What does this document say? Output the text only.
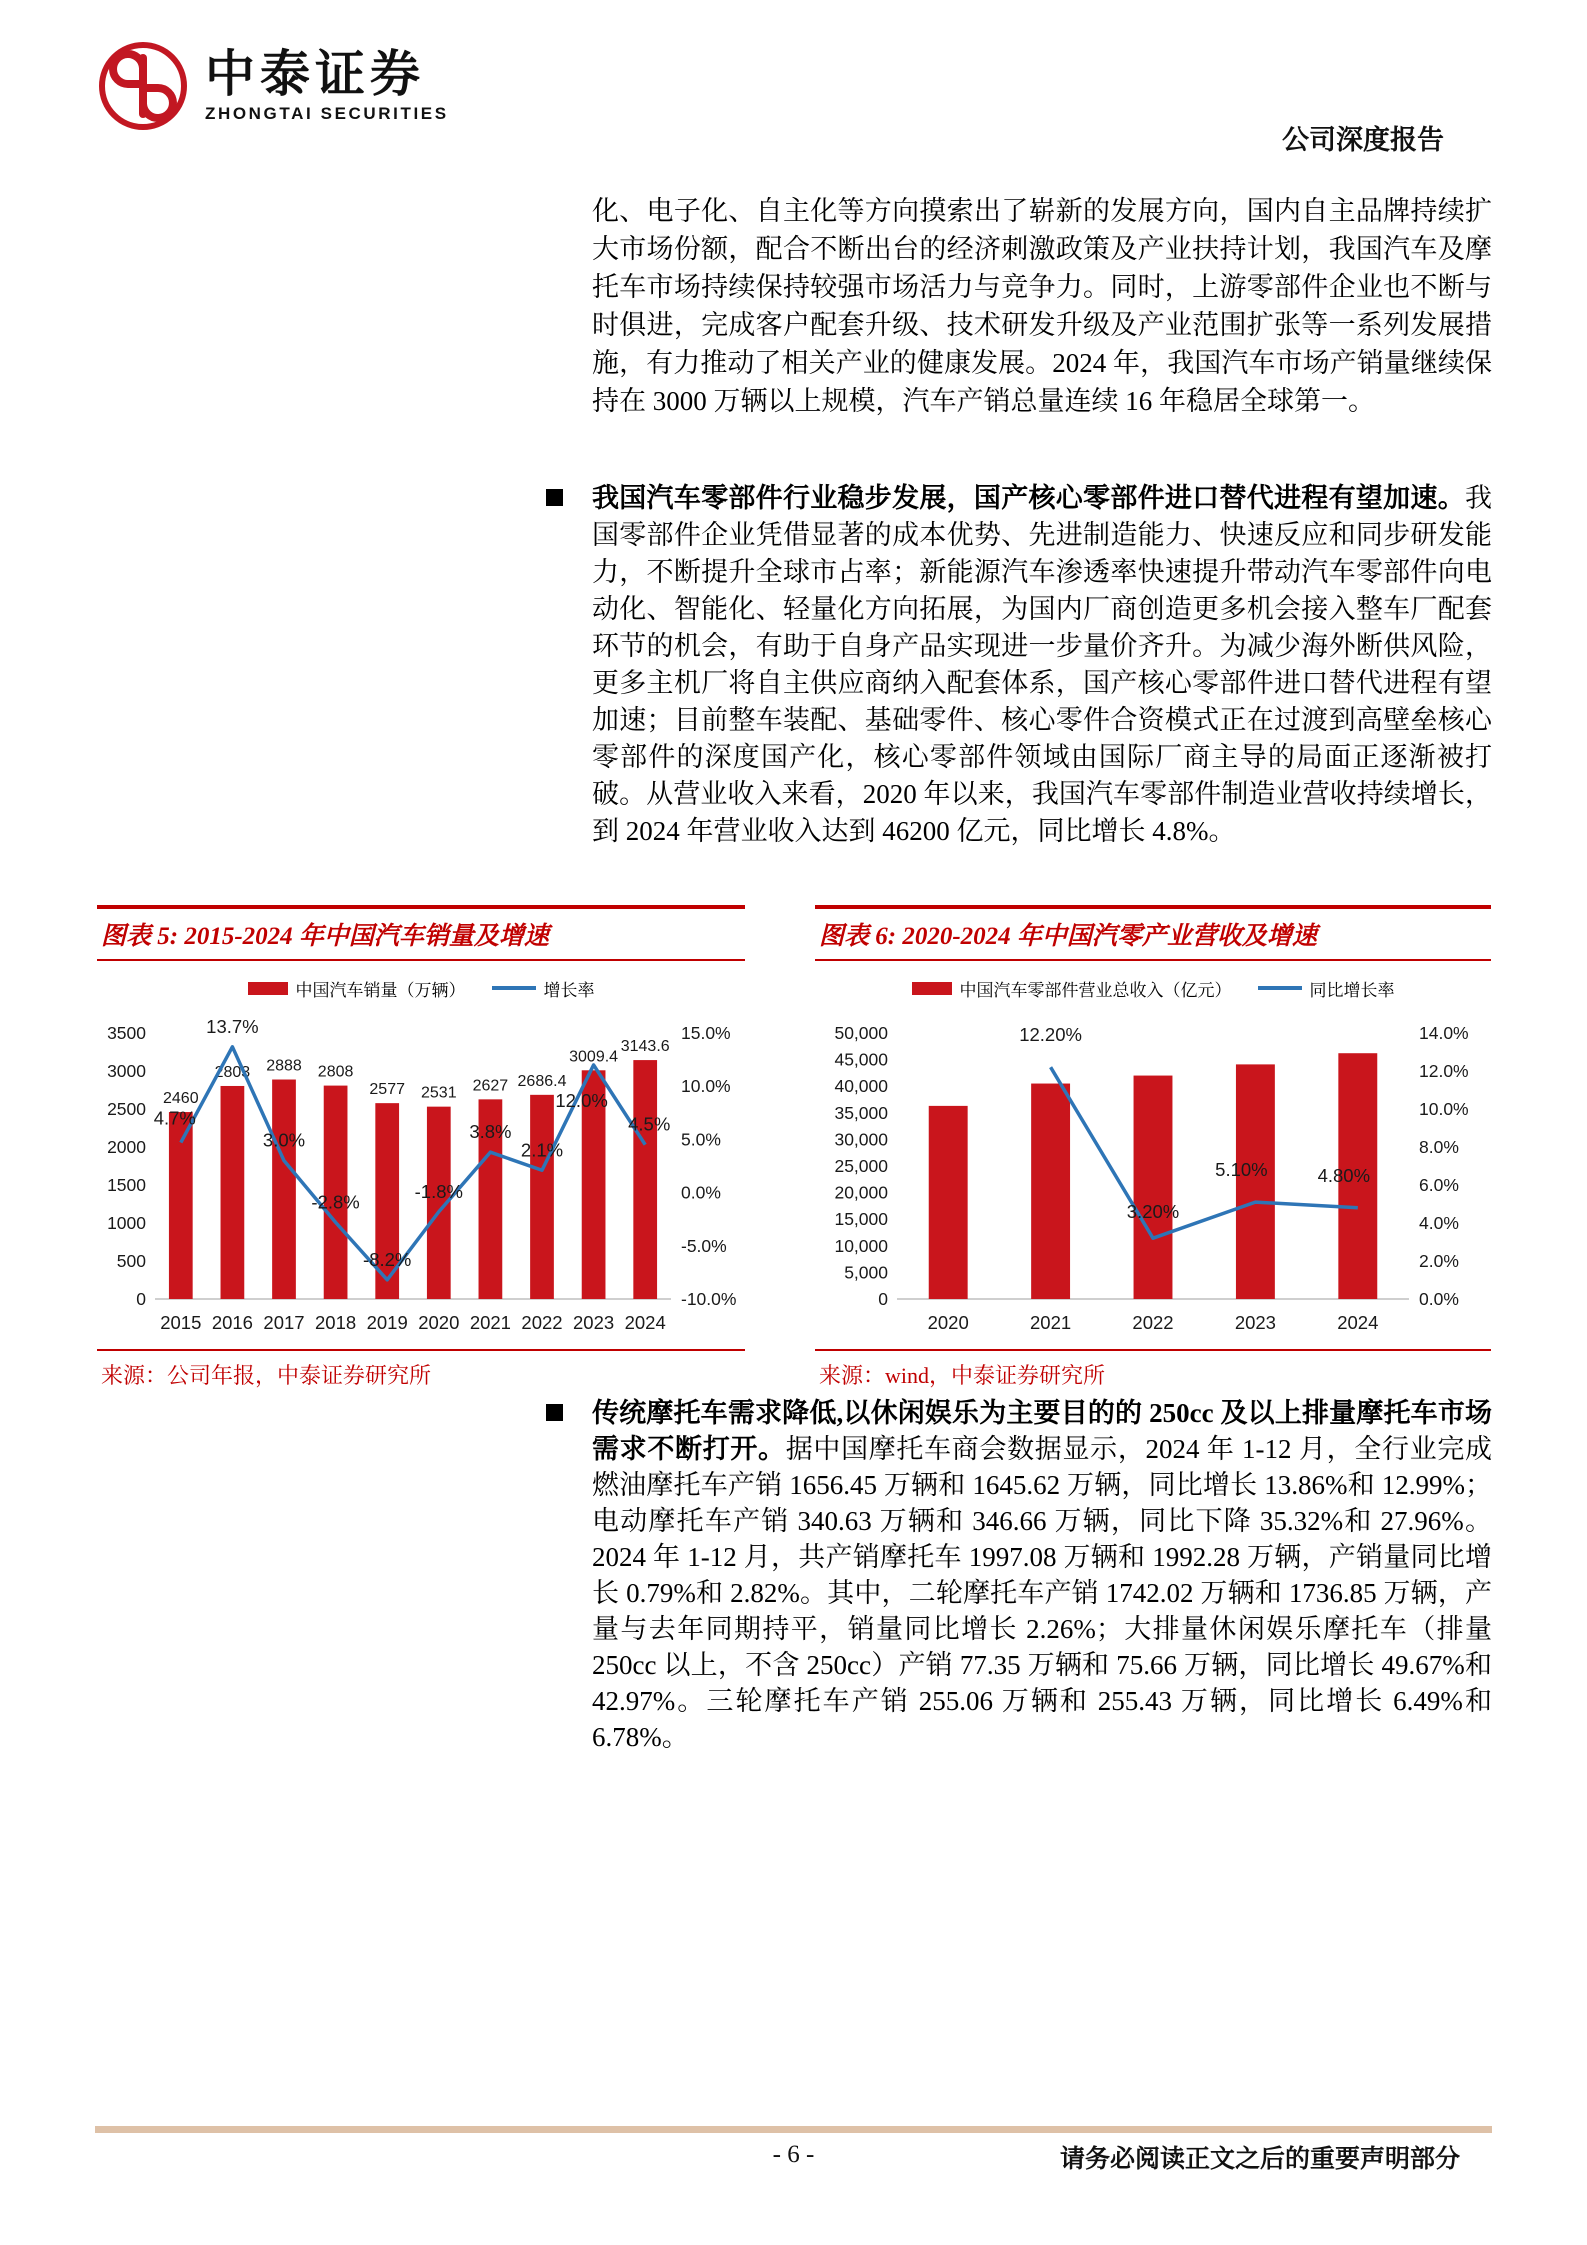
中泰证券
ZHONGTAI SECURITIES
公司深度报告
化、电子化、自主化等方向摸索出了崭新的发展方向，国内自主品牌持续扩大市场份额，配合不断出台的经济刺激政策及产业扶持计划，我国汽车及摩托车市场持续保持较强市场活力与竞争力。同时，上游零部件企业也不断与时俱进，完成客户配套升级、技术研发升级及产业范围扩张等一系列发展措施，有力推动了相关产业的健康发展。2024 年，我国汽车市场产销量继续保持在 3000 万辆以上规模，汽车产销总量连续 16 年稳居全球第一。
我国汽车零部件行业稳步发展，国产核心零部件进口替代进程有望加速。我国零部件企业凭借显著的成本优势、先进制造能力、快速反应和同步研发能力，不断提升全球市占率；新能源汽车渗透率快速提升带动汽车零部件向电动化、智能化、轻量化方向拓展，为国内厂商创造更多机会接入整车厂配套环节的机会，有助于自身产品实现进一步量价齐升。为减少海外断供风险，更多主机厂将自主供应商纳入配套体系，国产核心零部件进口替代进程有望加速；目前整车装配、基础零件、核心零件合资模式正在过渡到高壁垒核心零部件的深度国产化，核心零部件领域由国际厂商主导的局面正逐渐被打破。从营业收入来看，2020 年以来，我国汽车零部件制造业营收持续增长，到 2024 年营业收入达到 46200 亿元，同比增长 4.8%。
图表 5: 2015-2024 年中国汽车销量及增速
中国汽车销量（万辆）	增长率
0
500
1000
1500
2000
2500
3000
3500
-10.0%
-5.0%
0.0%
5.0%
10.0%
15.0%
2015 2016 2017 2018 2019 2020 2021 2022 2023 2024
2460
2803 2888 2808
2577 2531 2627 2686.4
3009.4
3143.6
4.7%
13.7%
3.0%
-2.8%
-8.2%
-1.8%
3.8%
2.1%
12.0%
4.5%
来源：公司年报，中泰证券研究所
图表 6: 2020-2024 年中国汽零产业营收及增速
中国汽车零部件营业总收入（亿元）	同比增长率
0
5,000
10,000
15,000
20,000
25,000
30,000
35,000
40,000
45,000
50,000
0.0%
2.0%
4.0%
6.0%
8.0%
10.0%
12.0%
14.0%
2020	2021	2022	2023	2024
12.20%
3.20%
5.10%	4.80%
来源：wind，中泰证券研究所
传统摩托车需求降低,以休闲娱乐为主要目的的 250cc 及以上排量摩托车市场需求不断打开。据中国摩托车商会数据显示，2024 年 1-12 月，全行业完成燃油摩托车产销 1656.45 万辆和 1645.62 万辆，同比增长 13.86%和 12.99%；电动摩托车产销 340.63 万辆和 346.66 万辆，同比下降 35.32%和 27.96%。2024 年 1-12 月，共产销摩托车 1997.08 万辆和 1992.28 万辆，产销量同比增长 0.79%和 2.82%。其中，二轮摩托车产销 1742.02 万辆和 1736.85 万辆，产量与去年同期持平，销量同比增长 2.26%；大排量休闲娱乐摩托车（排量 250cc 以上，不含 250cc）产销 77.35 万辆和 75.66 万辆，同比增长 49.67%和 42.97%。三轮摩托车产销 255.06 万辆和 255.43 万辆，同比增长 6.49%和 6.78%。
- 6 -	请务必阅读正文之后的重要声明部分
